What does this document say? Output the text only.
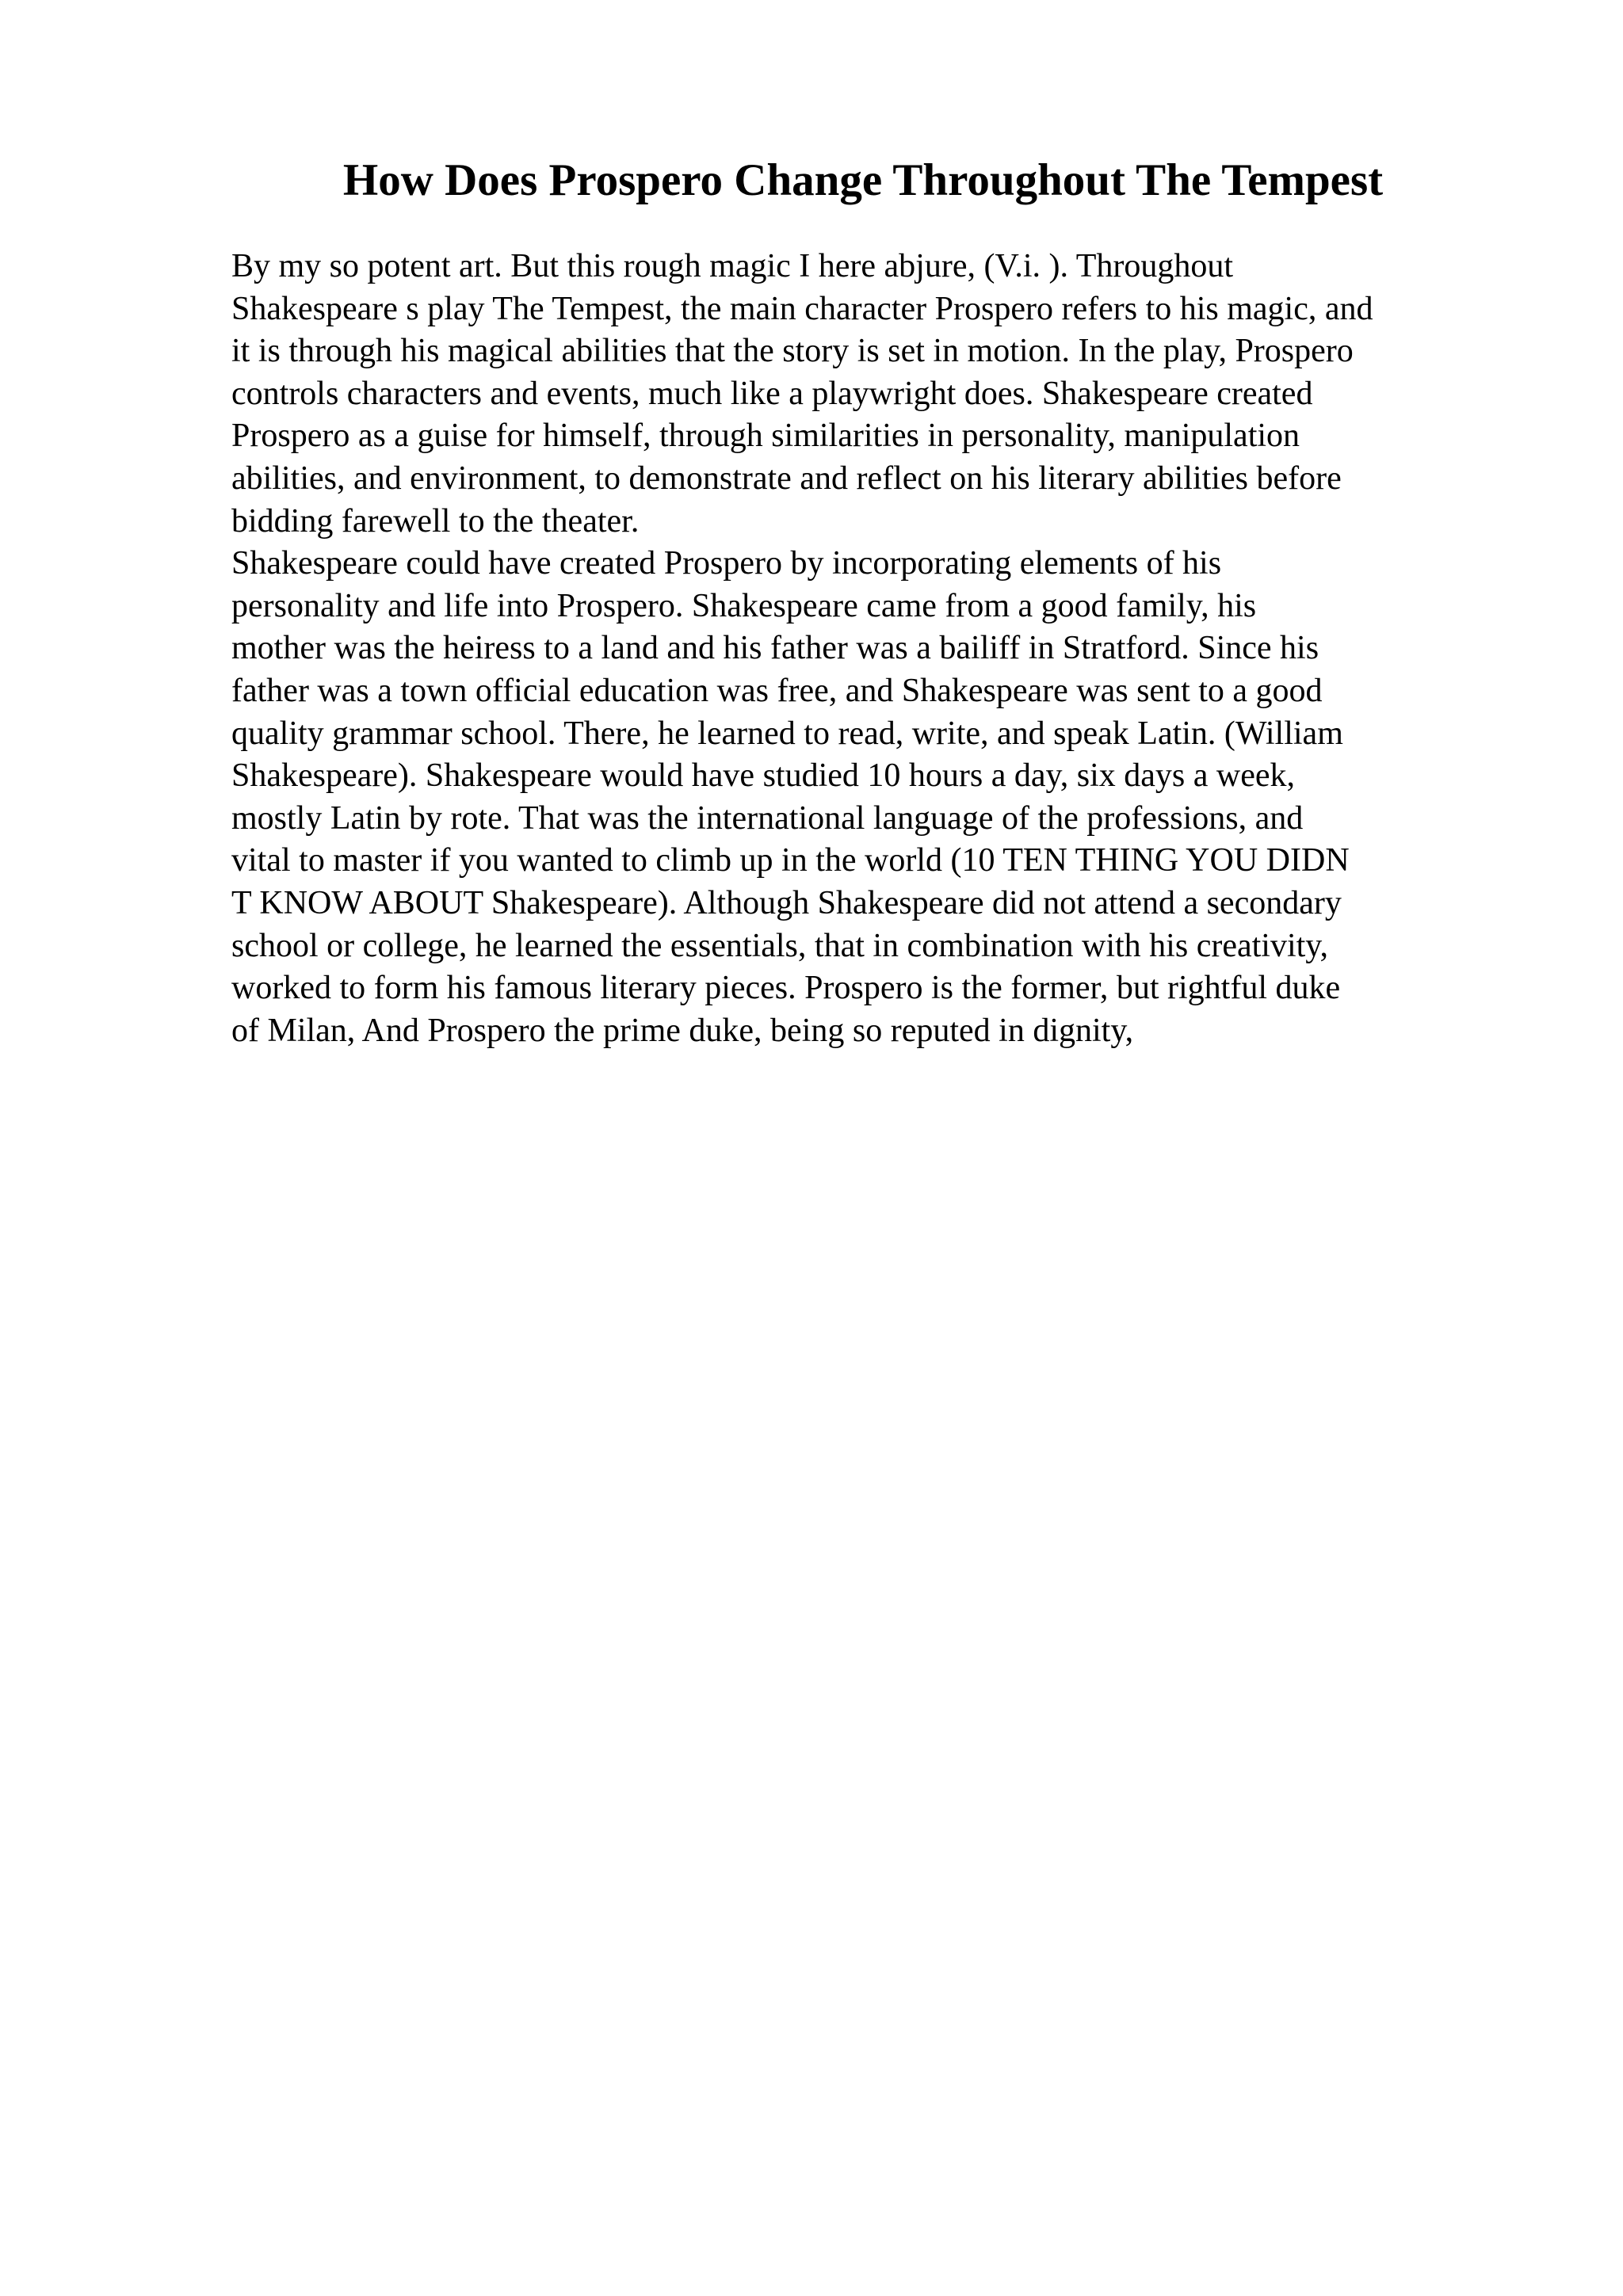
How Does Prospero Change Throughout The Tempest
By my so potent art. But this rough magic I here abjure, (V.i. ). Throughout
Shakespeare s play The Tempest, the main character Prospero refers to his magic, and
it is through his magical abilities that the story is set in motion. In the play, Prospero
controls characters and events, much like a playwright does. Shakespeare created
Prospero as a guise for himself, through similarities in personality, manipulation
abilities, and environment, to demonstrate and reflect on his literary abilities before
bidding farewell to the theater.
Shakespeare could have created Prospero by incorporating elements of his
personality and life into Prospero. Shakespeare came from a good family, his
mother was the heiress to a land and his father was a bailiff in Stratford. Since his
father was a town official education was free, and Shakespeare was sent to a good
quality grammar school. There, he learned to read, write, and speak Latin. (William
Shakespeare). Shakespeare would have studied 10 hours a day, six days a week,
mostly Latin by rote. That was the international language of the professions, and
vital to master if you wanted to climb up in the world (10 TEN THING YOU DIDN
T KNOW ABOUT Shakespeare). Although Shakespeare did not attend a secondary
school or college, he learned the essentials, that in combination with his creativity,
worked to form his famous literary pieces. Prospero is the former, but rightful duke
of Milan, And Prospero the prime duke, being so reputed in dignity,
